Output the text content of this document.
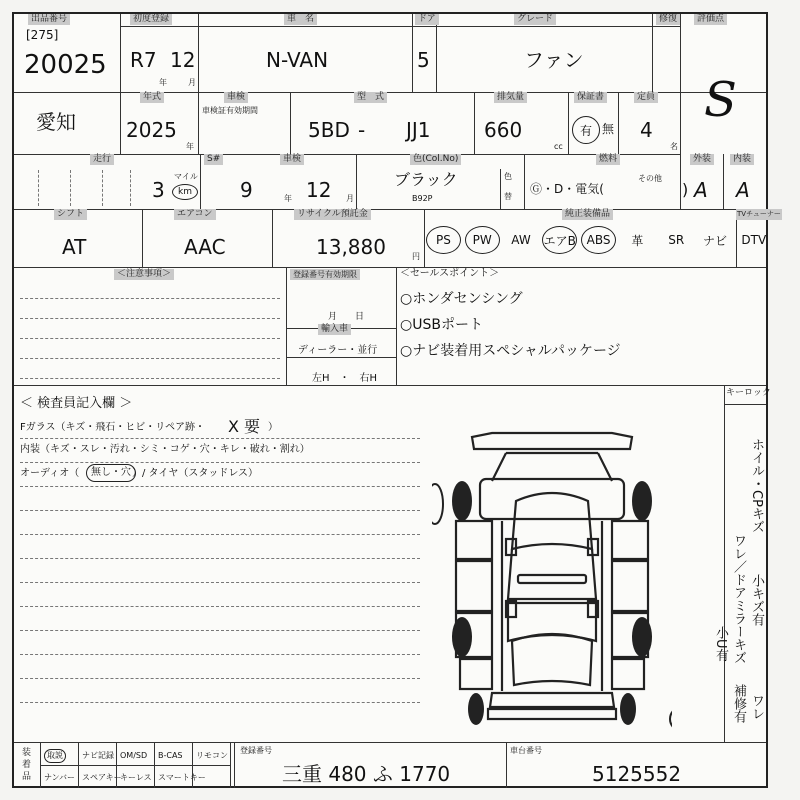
出品番号
[275]
20025
初度登録
R7 12
年	月
車　名
N-VAN
ドア
5
グレード
ファン
修復	評価点
S
愛知
年式
2025
年
車検
車検証有効期間
型　式
5BD - JJ1
排気量
660
cc
保証書
有 無
定員
4
名
走行
3
マイル
km
S#	車検
9	年 12 月
色(Col.No)
ブラック
B92P
色
替
燃料
Ⓖ・D・電気(
その他
)
外装
A
内装
A
シフト
AT
エアコン
AAC
リサイクル預託金
13,880	円
純正装備品	TVチューナー
PS	PW	AW	エアB ABS	革	SR	ナビ	DTV
＜注意事項＞	登録番号有効期限
月　　日
輸入車
ディーラー・並行
左H　・　右H
＜セールスポイント＞
○ホンダセンシング
○USBポート
○ナビ装着用スペシャルパッケージ
＜ 検査員記入欄 ＞
Fガラス（キズ・飛石・ヒビ・リペア跡・ X 要 ）
内装（キズ・スレ・汚れ・シミ・コゲ・穴・キレ・破れ・割れ）
オーディオ（	無し・穴 ）/ タイヤ（スタッドレス）
キーロック
ホイル・CPキズ
ワレ／ドアミラーキズ 小キズ有
小U有
補修有 ワレ
装
着
品
取説	ナビ記録 OM/SD B-CAS リモコン
ナンバー スペアキー
キーレス スマートキー
登録番号
三重 480 ふ 1770
車台番号
5125552
